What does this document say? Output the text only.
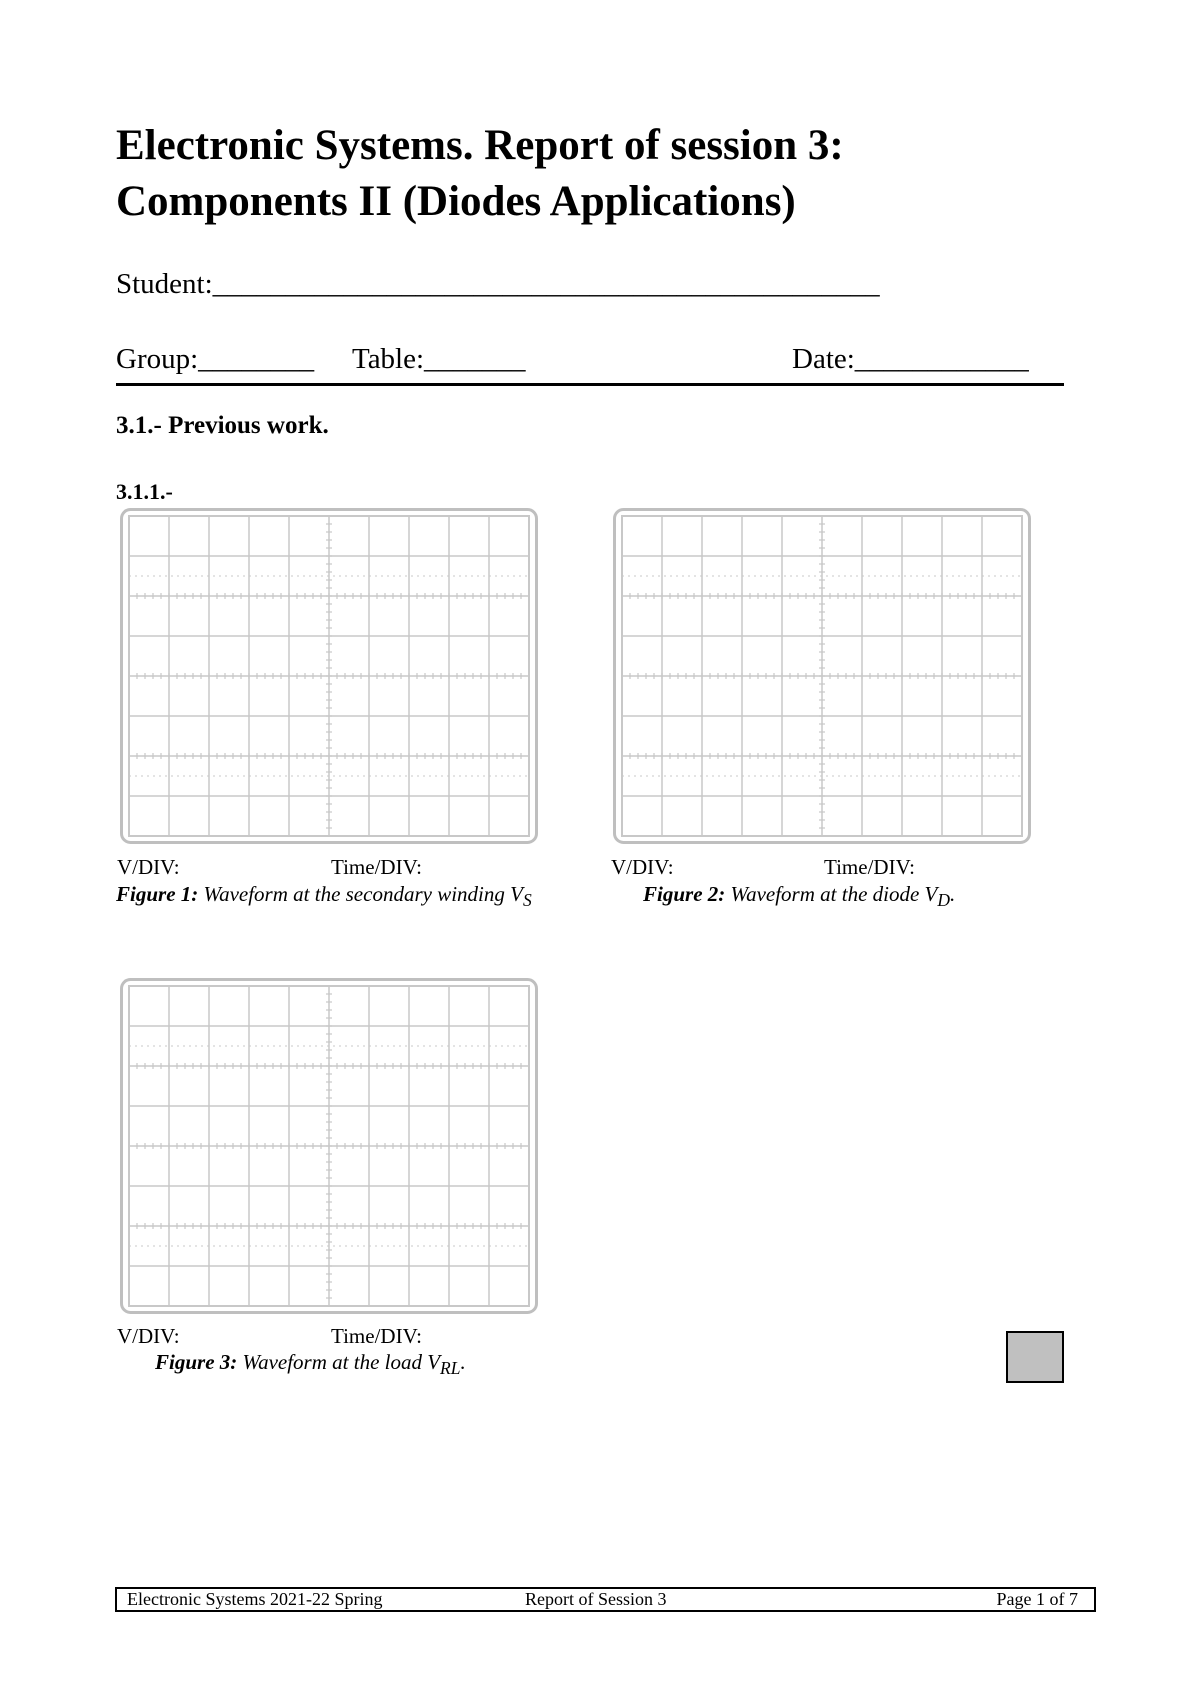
Electronic Systems. Report of session 3:
Components II (Diodes Applications)
Student:______________________________________________
Group:________ Table:_______	Date:____________
3.1.- Previous work.
3.1.1.-
V/DIV:	Time/DIV:
Figure 1: Waveform at the secondary winding $V_S$
V/DIV:	Time/DIV:
Figure 2: Waveform at the diode $V_D$.
V/DIV:	Time/DIV:
Figure 3: Waveform at the load $V_{RL}$.
Electronic Systems 2021-22 Spring	Report of Session 3	Page 1 of 7
